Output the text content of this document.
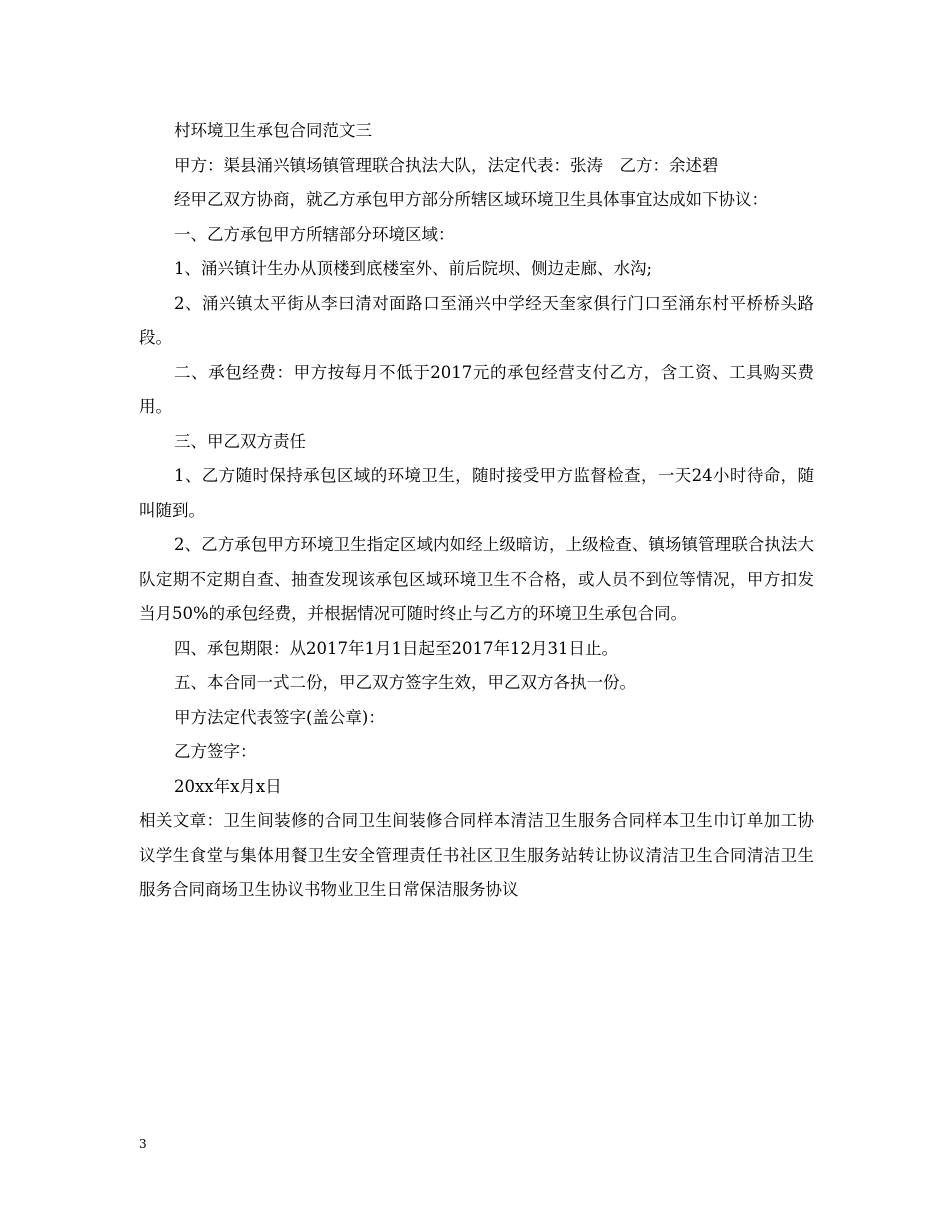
村环境卫生承包合同范文三

甲方：渠县涌兴镇场镇管理联合执法大队，法定代表：张涛　乙方：余述碧

经甲乙双方协商，就乙方承包甲方部分所辖区域环境卫生具体事宜达成如下协议：

一、乙方承包甲方所辖部分环境区域：

1、涌兴镇计生办从顶楼到底楼室外、前后院坝、侧边走廊、水沟;

2、涌兴镇太平街从李曰清对面路口至涌兴中学经天奎家俱行门口至涌东村平桥桥头路段。

二、承包经费：甲方按每月不低于2017元的承包经营支付乙方，含工资、工具购买费用。

三、甲乙双方责任

1、乙方随时保持承包区域的环境卫生，随时接受甲方监督检查，一天24小时待命，随叫随到。

2、乙方承包甲方环境卫生指定区域内如经上级暗访，上级检查、镇场镇管理联合执法大队定期不定期自查、抽查发现该承包区域环境卫生不合格，或人员不到位等情况，甲方扣发当月50%的承包经费，并根据情况可随时终止与乙方的环境卫生承包合同。

四、承包期限：从2017年1月1日起至2017年12月31日止。

五、本合同一式二份，甲乙双方签字生效，甲乙双方各执一份。

甲方法定代表签字(盖公章)：

乙方签字：

20xx年x月x日

相关文章：卫生间装修的合同卫生间装修合同样本清洁卫生服务合同样本卫生巾订单加工协议学生食堂与集体用餐卫生安全管理责任书社区卫生服务站转让协议清洁卫生合同清洁卫生服务合同商场卫生协议书物业卫生日常保洁服务协议

3
